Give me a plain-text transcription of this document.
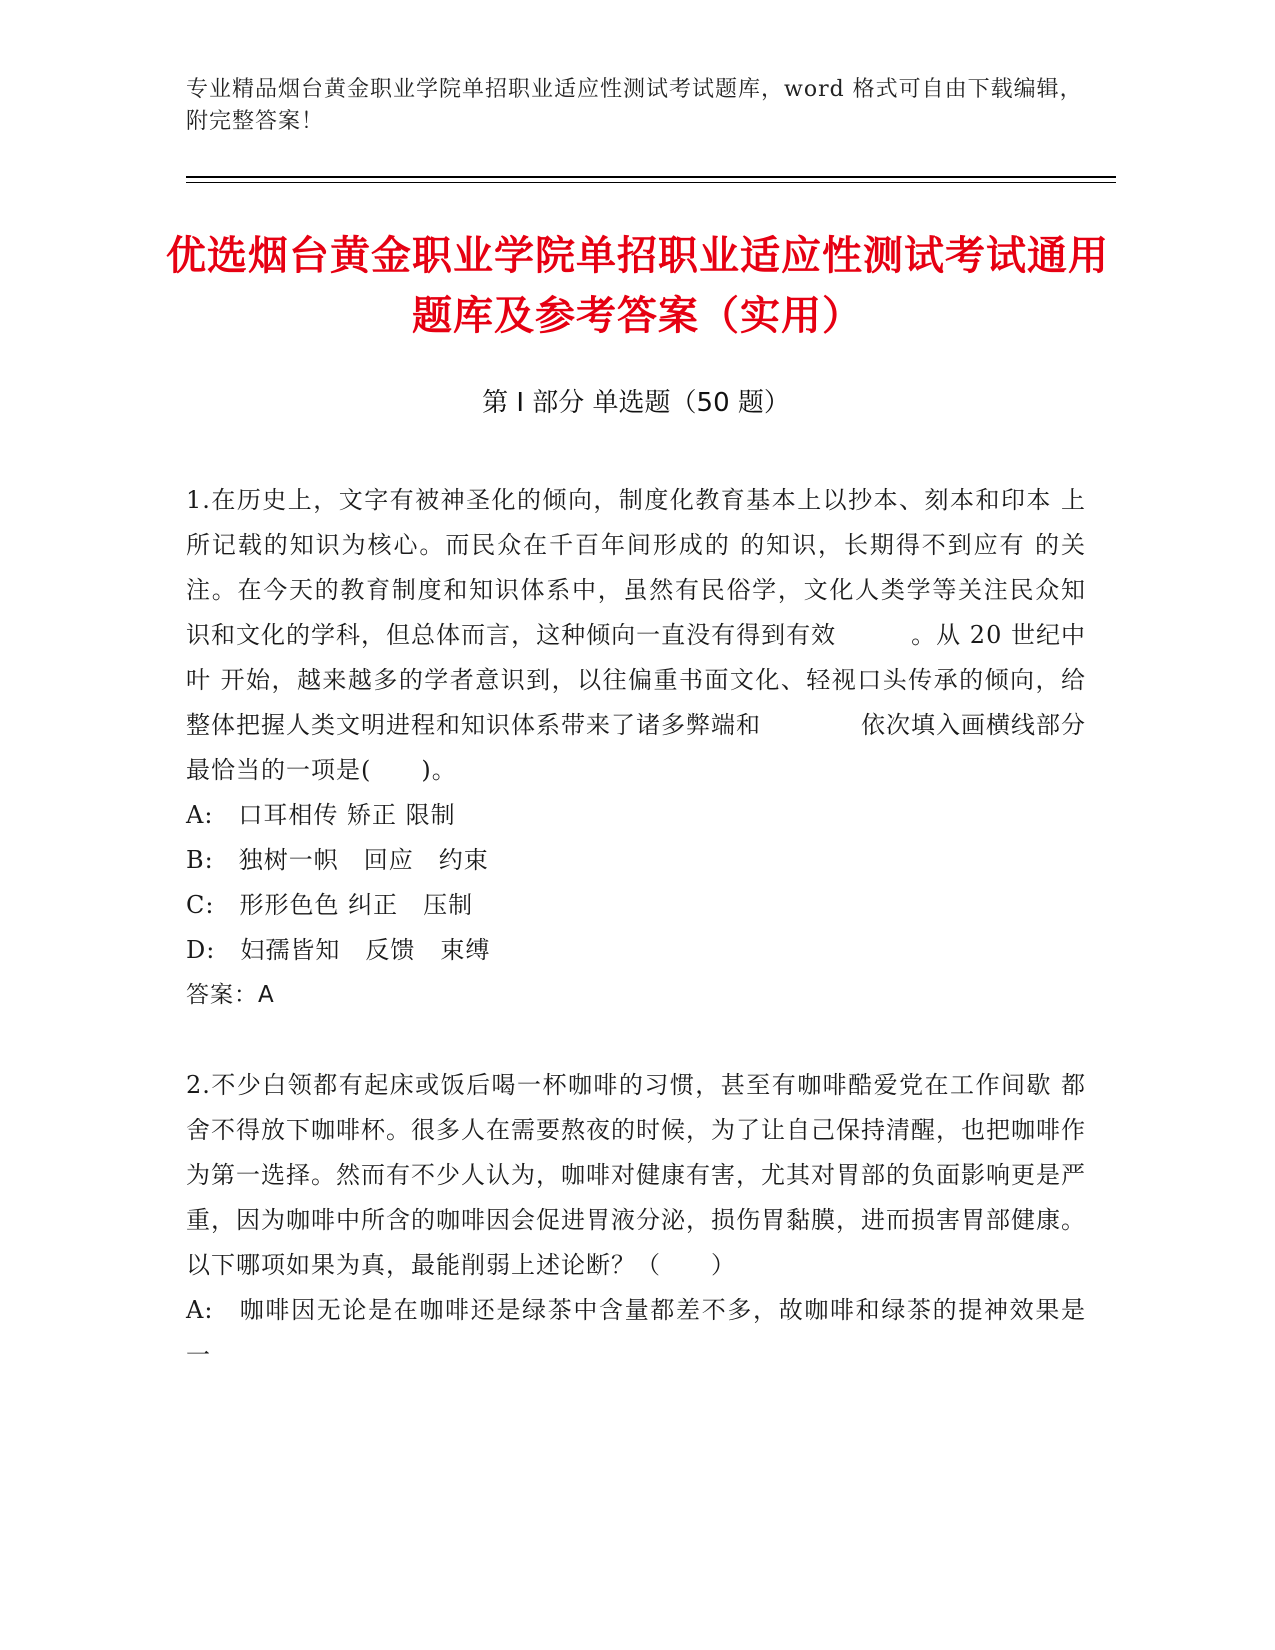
专业精品烟台黄金职业学院单招职业适应性测试考试题库，word 格式可自由下载编辑，附完整答案！
优选烟台黄金职业学院单招职业适应性测试考试通用题库及参考答案（实用）
第 I 部分 单选题（50 题）

1.在历史上，文字有被神圣化的倾向，制度化教育基本上以抄本、刻本和印本 上所记载的知识为核心。而民众在千百年间形成的 的知识，长期得不到应有 的关注。在今天的教育制度和知识体系中，虽然有民俗学，文化人类学等关注民众知 识和文化的学科，但总体而言，这种倾向一直没有得到有效　　　。从 20 世纪中叶 开始，越来越多的学者意识到，以往偏重书面文化、轻视口头传承的倾向，给整体把握人类文明进程和知识体系带来了诸多弊端和　　　　依次填入画横线部分最恰当的一项是(　　)。

A:　口耳相传 矫正 限制

B:　独树一帜　回应　约束

C:　形形色色 纠正　压制

D:　妇孺皆知　反馈　束缚

答案：A

2.不少白领都有起床或饭后喝一杯咖啡的习惯，甚至有咖啡酷爱党在工作间歇 都舍不得放下咖啡杯。很多人在需要熬夜的时候，为了让自己保持清醒，也把咖啡作 为第一选择。然而有不少人认为，咖啡对健康有害，尤其对胃部的负面影响更是严重，因为咖啡中所含的咖啡因会促进胃液分泌，损伤胃黏膜，进而损害胃部健康。以下哪项如果为真，最能削弱上述论断？（　　）

A:　咖啡因无论是在咖啡还是绿茶中含量都差不多，故咖啡和绿茶的提神效果是一
